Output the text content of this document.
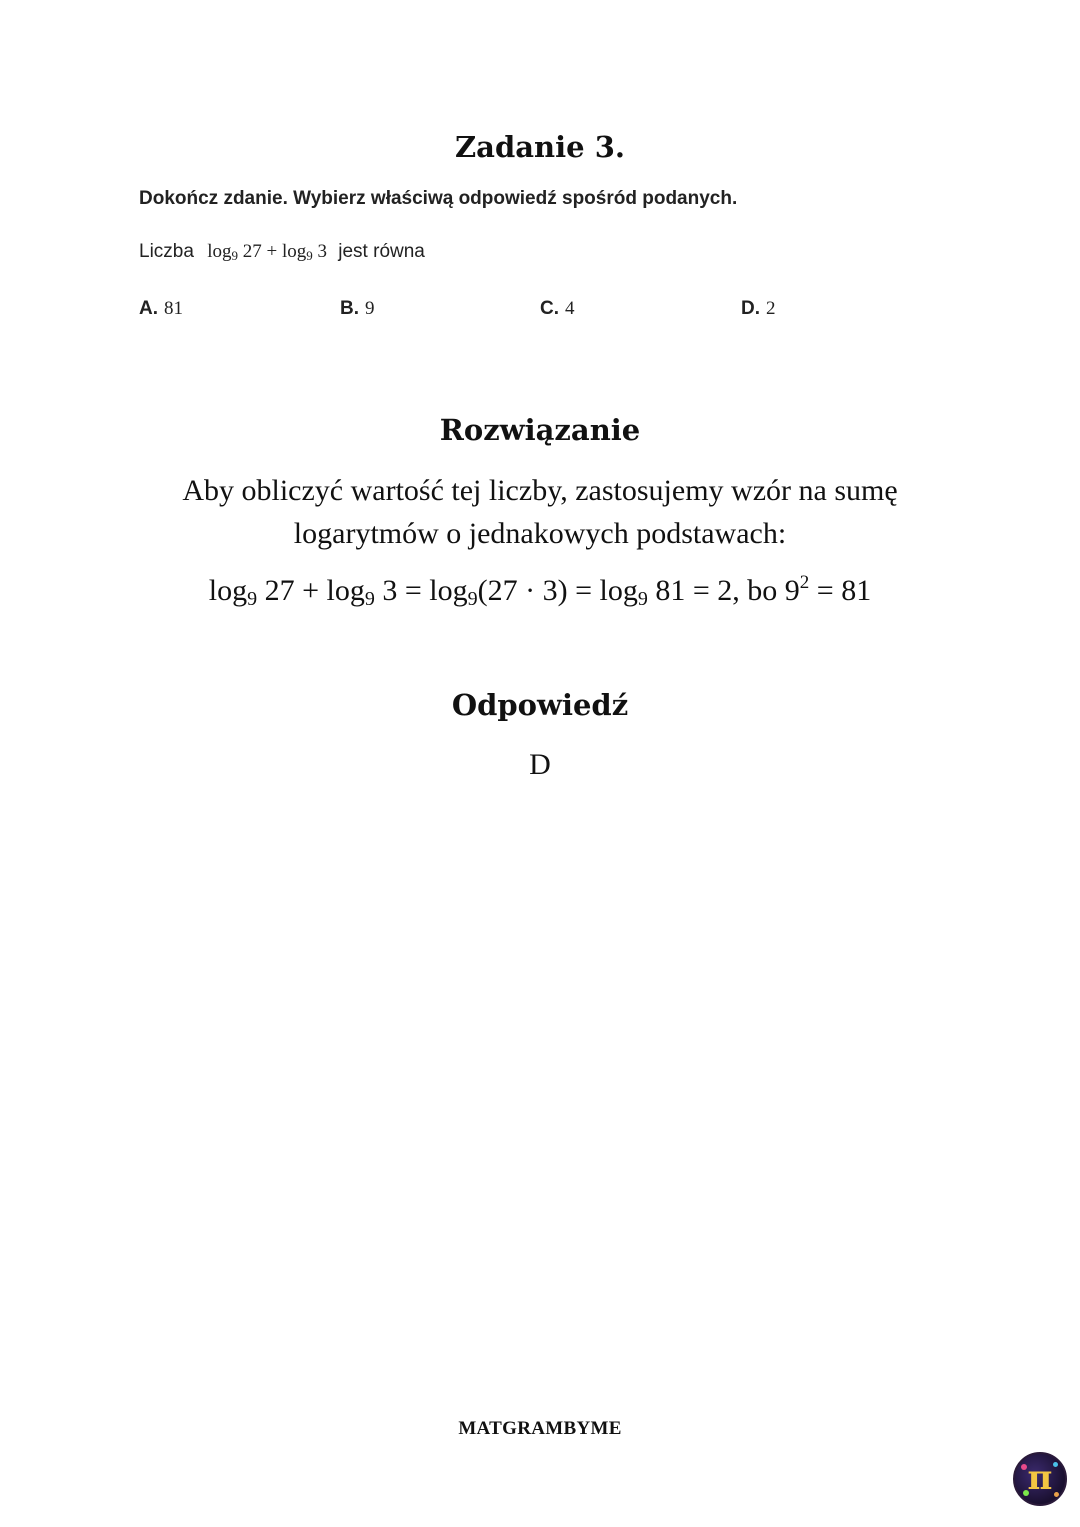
Zadanie 3.
Dokończ zdanie. Wybierz właściwą odpowiedź spośród podanych.
Liczba $\log_9 27 + \log_9 3$ jest równa
A. 81	B. 9	C. 4	D. 2
Rozwiązanie
Aby obliczyć wartość tej liczby, zastosujemy wzór na sumę
logarytmów o jednakowych podstawach:
$\log_9 27 + \log_9 3 = \log_9(27 \cdot 3) = \log_9 81 = 2$, bo $9^2 = 81$
Odpowiedź
D
MATGRAMBYME
π
